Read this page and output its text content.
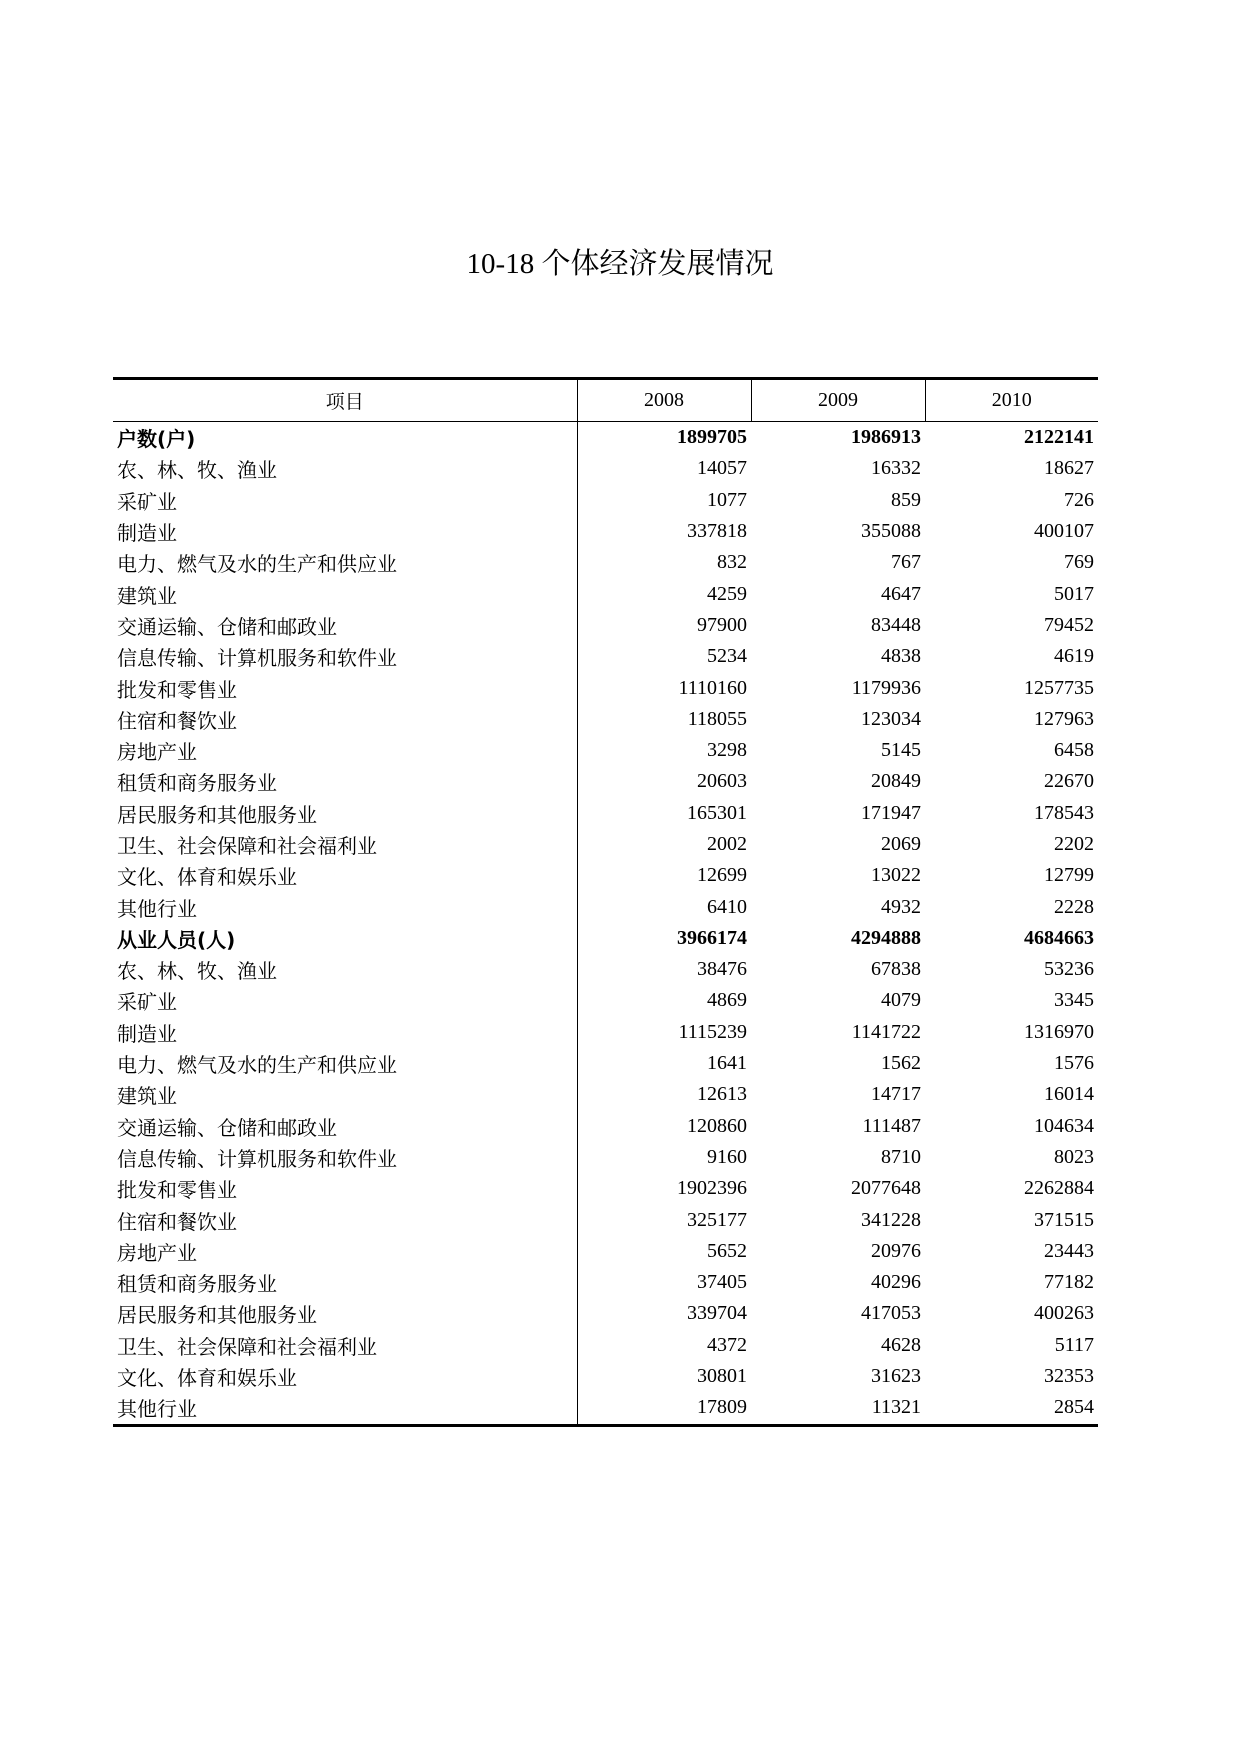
10-18 个体经济发展情况
项目	2008	2009	2010
户数(户)	1899705	1986913	2122141
农、林、牧、渔业	14057	16332	18627
采矿业	1077	859	726
制造业	337818	355088	400107
电力、燃气及水的生产和供应业	832	767	769
建筑业	4259	4647	5017
交通运输、仓储和邮政业	97900	83448	79452
信息传输、计算机服务和软件业	5234	4838	4619
批发和零售业	1110160	1179936	1257735
住宿和餐饮业	118055	123034	127963
房地产业	3298	5145	6458
租赁和商务服务业	20603	20849	22670
居民服务和其他服务业	165301	171947	178543
卫生、社会保障和社会福利业	2002	2069	2202
文化、体育和娱乐业	12699	13022	12799
其他行业	6410	4932	2228
从业人员(人)	3966174	4294888	4684663
农、林、牧、渔业	38476	67838	53236
采矿业	4869	4079	3345
制造业	1115239	1141722	1316970
电力、燃气及水的生产和供应业	1641	1562	1576
建筑业	12613	14717	16014
交通运输、仓储和邮政业	120860	111487	104634
信息传输、计算机服务和软件业	9160	8710	8023
批发和零售业	1902396	2077648	2262884
住宿和餐饮业	325177	341228	371515
房地产业	5652	20976	23443
租赁和商务服务业	37405	40296	77182
居民服务和其他服务业	339704	417053	400263
卫生、社会保障和社会福利业	4372	4628	5117
文化、体育和娱乐业	30801	31623	32353
其他行业	17809	11321	2854
